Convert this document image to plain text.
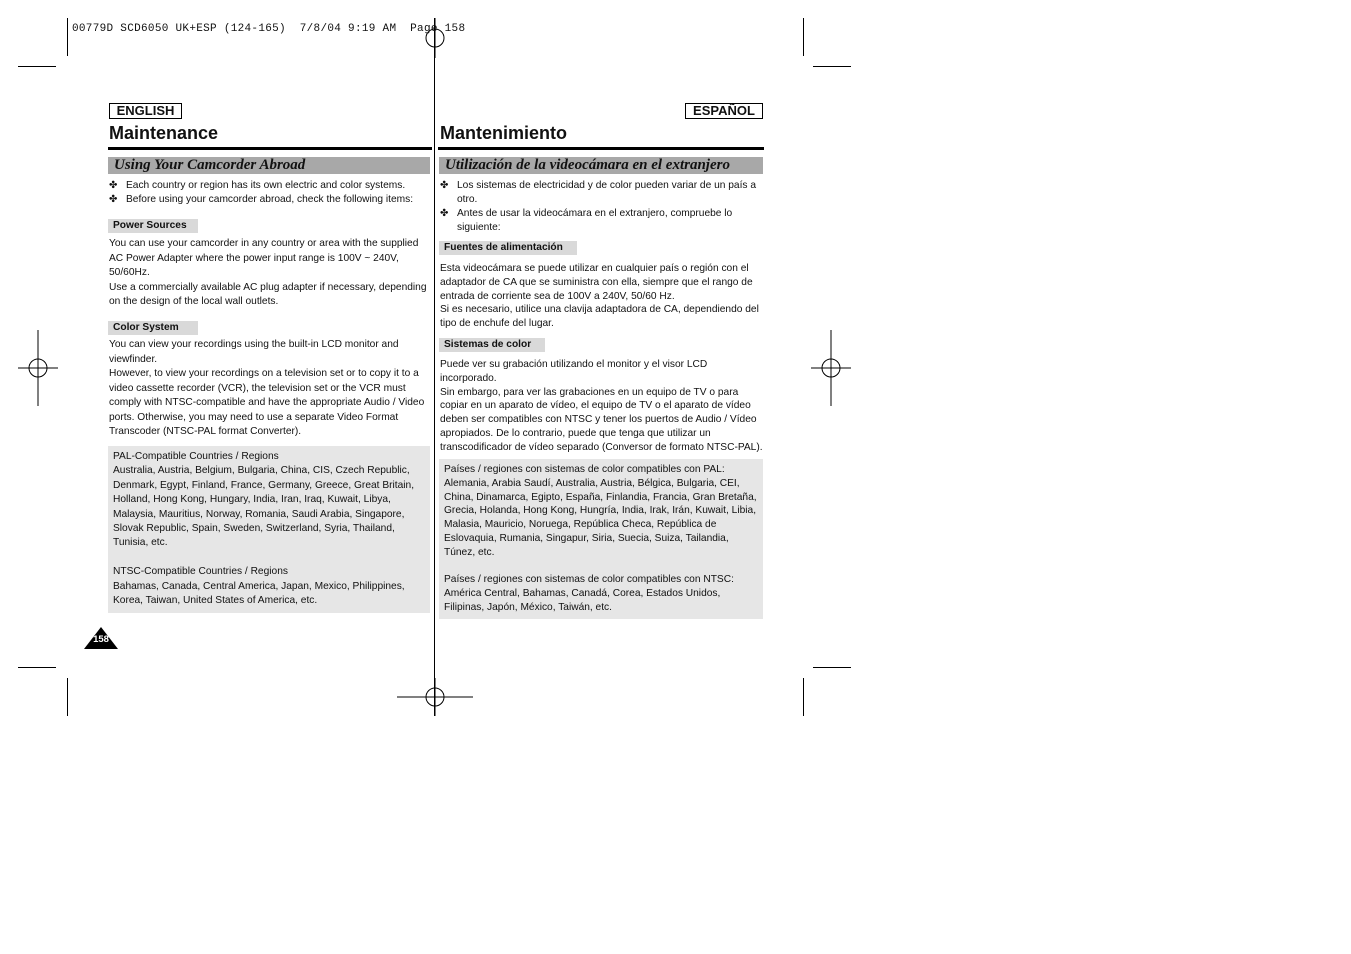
00779D SCD6050 UK+ESP (124-165)  7/8/04 9:19 AM  Page 158
ENGLISH
Maintenance
Using Your Camcorder Abroad
✤ Each country or region has its own electric and color systems.
✤ Before using your camcorder abroad, check the following items:
Power Sources
You can use your camcorder in any country or area with the supplied
AC Power Adapter where the power input range is 100V ~ 240V,
50/60Hz.
Use a commercially available AC plug adapter if necessary, depending
on the design of the local wall outlets.
Color System
You can view your recordings using the built-in LCD monitor and
viewfinder.
However, to view your recordings on a television set or to copy it to a
video cassette recorder (VCR), the television set or the VCR must
comply with NTSC-compatible and have the appropriate Audio / Video
ports. Otherwise, you may need to use a separate Video Format
Transcoder (NTSC-PAL format Converter).

PAL-Compatible Countries / Regions

Australia, Austria, Belgium, Bulgaria, China, CIS, Czech Republic,

Denmark, Egypt, Finland, France, Germany, Greece, Great Britain,

Holland, Hong Kong, Hungary, India, Iran, Iraq, Kuwait, Libya,

Malaysia, Mauritius, Norway, Romania, Saudi Arabia, Singapore,

Slovak Republic, Spain, Sweden, Switzerland, Syria, Thailand,

Tunisia, etc.

NTSC-Compatible Countries / Regions

Bahamas, Canada, Central America, Japan, Mexico, Philippines,

Korea, Taiwan, United States of America, etc.

158
ESPAÑOL
Mantenimiento
Utilización de la videocámara en el extranjero
✤ Los sistemas de electricidad y de color pueden variar de un país a
otro.
✤ Antes de usar la videocámara en el extranjero, compruebe lo
siguiente:
Fuentes de alimentación
Esta videocámara se puede utilizar en cualquier país o región con el
adaptador de CA que se suministra con ella, siempre que el rango de
entrada de corriente sea de 100V a 240V, 50/60 Hz.
Si es necesario, utilice una clavija adaptadora de CA, dependiendo del
tipo de enchufe del lugar.
Sistemas de color
Puede ver su grabación utilizando el monitor y el visor LCD
incorporado.
Sin embargo, para ver las grabaciones en un equipo de TV o para
copiar en un aparato de vídeo, el equipo de TV o el aparato de vídeo
deben ser compatibles con NTSC y tener los puertos de Audio / Vídeo
apropiados. De lo contrario, puede que tenga que utilizar un
transcodificador de vídeo separado (Conversor de formato NTSC-PAL).

Países / regiones con sistemas de color compatibles con PAL:

Alemania, Arabia Saudí, Australia, Austria, Bélgica, Bulgaria, CEI,

China, Dinamarca, Egipto, España, Finlandia, Francia, Gran Bretaña,

Grecia, Holanda, Hong Kong, Hungría, India, Irak, Irán, Kuwait, Libia,

Malasia, Mauricio, Noruega, República Checa, República de

Eslovaquia, Rumania, Singapur, Siria, Suecia, Suiza, Tailandia,

Túnez, etc.

Países / regiones con sistemas de color compatibles con NTSC:

América Central, Bahamas, Canadá, Corea, Estados Unidos,

Filipinas, Japón, México, Taiwán, etc.
